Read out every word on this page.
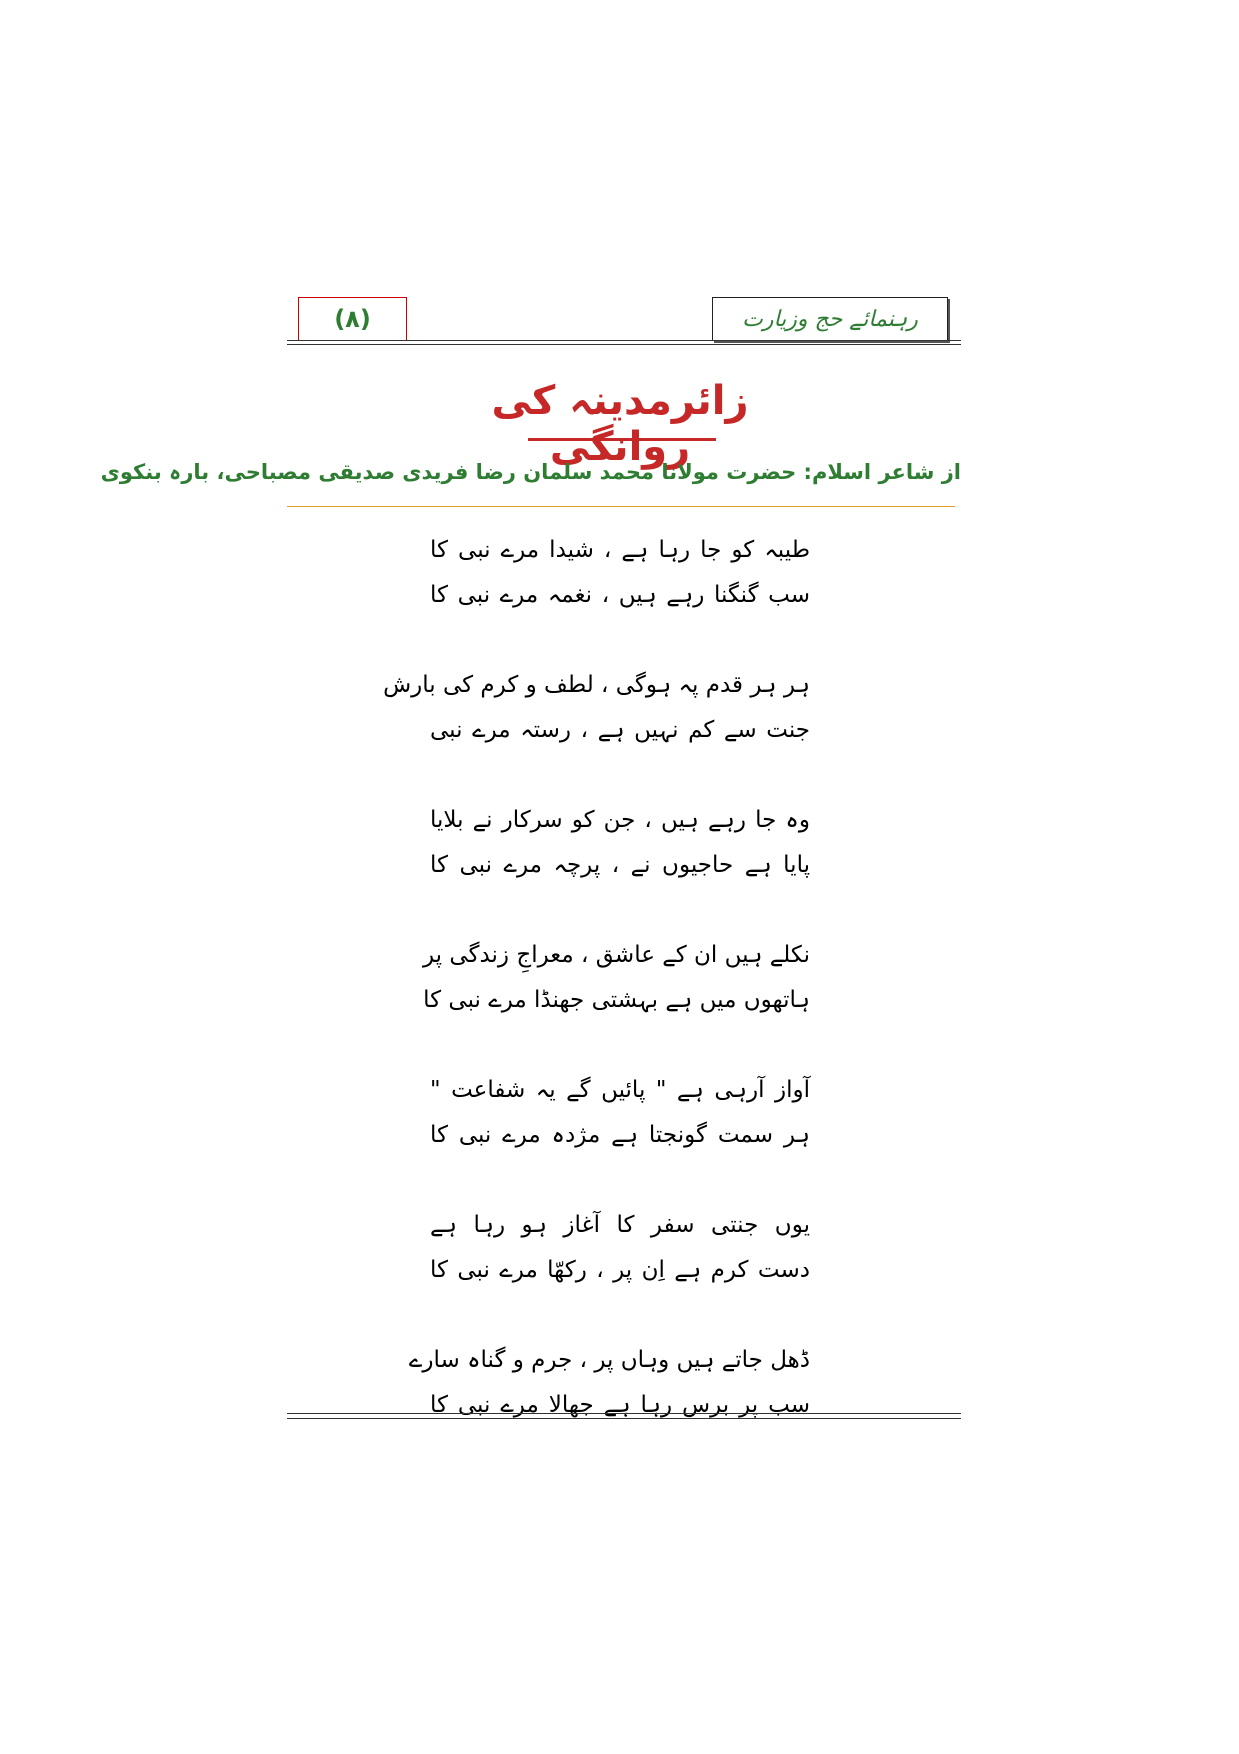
رہنمائے حج وزیارت
(۸)
زائرمدینہ کی روانگی
از شاعر اسلام: حضرت مولانا محمد سلمان رضا فریدی صدیقی مصباحی، بارہ بنکوی
طیبہ کو جا رہا ہے ، شیدا مرے نبی کا
سب گنگنا رہے ہیں ، نغمہ مرے نبی کا
ہر ہر قدم پہ ہوگی ، لطف و کرم کی بارش
جنت سے کم نہیں ہے ، رستہ مرے نبی
وہ جا رہے ہیں ، جن کو سرکار نے بلایا
پایا ہے حاجیوں نے ، پرچہ مرے نبی کا
نکلے ہیں ان کے عاشق ، معراجِ زندگی پر
ہاتھوں میں ہے بہشتی جھنڈا مرے نبی کا
آواز آرہی ہے " پائیں گے یہ شفاعت "
ہر سمت گونجتا ہے مژدہ مرے نبی کا
یوں جنتی سفر کا آغاز ہو رہا ہے
دست کرم ہے اِن پر ، رکھّا مرے نبی کا
ڈھل جاتے ہیں وہاں پر ، جرم و گناہ سارے
سب پر برس رہا ہے جھالا مرے نبی کا
